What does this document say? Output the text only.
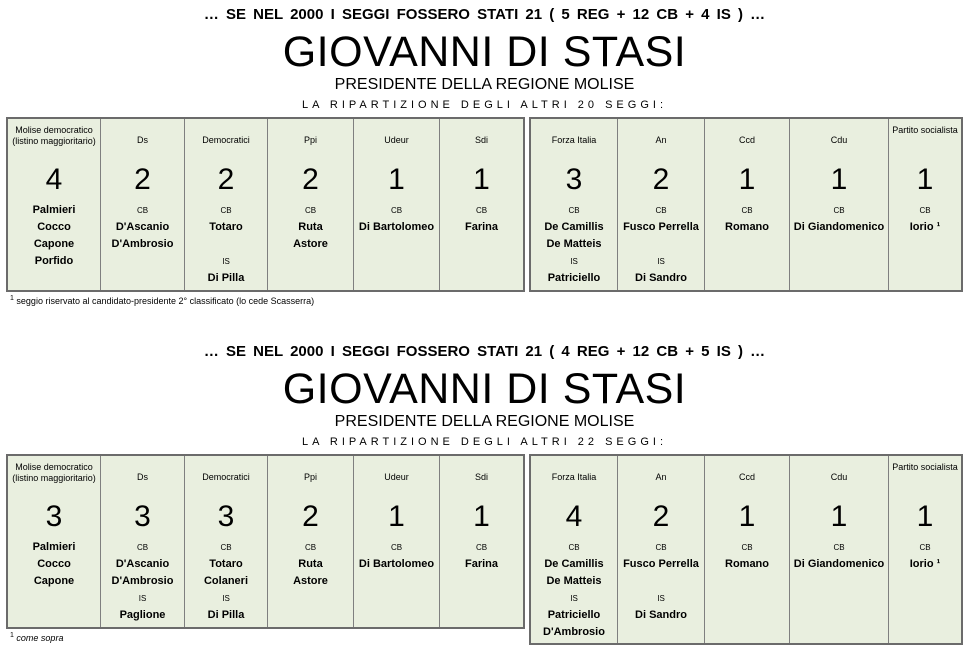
… SE NEL 2000 I SEGGI FOSSERO STATI 21 ( 5 REG + 12 CB + 4 IS ) …
GIOVANNI DI STASI
PRESIDENTE DELLA REGIONE MOLISE
LA RIPARTIZIONE DEGLI ALTRI 20 SEGGI:
Molise democratico (listino maggioritario)
4
Palmieri
Cocco
Capone
Porfido
Ds
2
CB
D'Ascanio
D'Ambrosio
Democratici
2
CB
Totaro

IS
Di Pilla
Ppi
2
CB
Ruta
Astore
Udeur
1
CB
Di Bartolomeo
Sdi
1
CB
Farina
Forza Italia
3
CB
De Camillis
De Matteis
IS
Patriciello
An
2
CB
Fusco Perrella

IS
Di Sandro
Ccd
1
CB
Romano
Cdu
1
CB
Di Giandomenico
Partito socialista
1
CB
Iorio ¹
$^1$ seggio riservato al candidato-presidente 2° classificato (lo cede Scasserra)
… SE NEL 2000 I SEGGI FOSSERO STATI 21 ( 4 REG + 12 CB + 5 IS ) …
GIOVANNI DI STASI
PRESIDENTE DELLA REGIONE MOLISE
LA RIPARTIZIONE DEGLI ALTRI 22 SEGGI:
Molise democratico (listino maggioritario)
3
Palmieri
Cocco
Capone
Ds
3
CB
D'Ascanio
D'Ambrosio
IS
Paglione
Democratici
3
CB
Totaro
Colaneri
IS
Di Pilla
Ppi
2
CB
Ruta
Astore
Udeur
1
CB
Di Bartolomeo
Sdi
1
CB
Farina
Forza Italia
4
CB
De Camillis
De Matteis
IS
Patriciello
D'Ambrosio
An
2
CB
Fusco Perrella

IS
Di Sandro
Ccd
1
CB
Romano
Cdu
1
CB
Di Giandomenico
Partito socialista
1
CB
Iorio ¹
$^1$ come sopra
